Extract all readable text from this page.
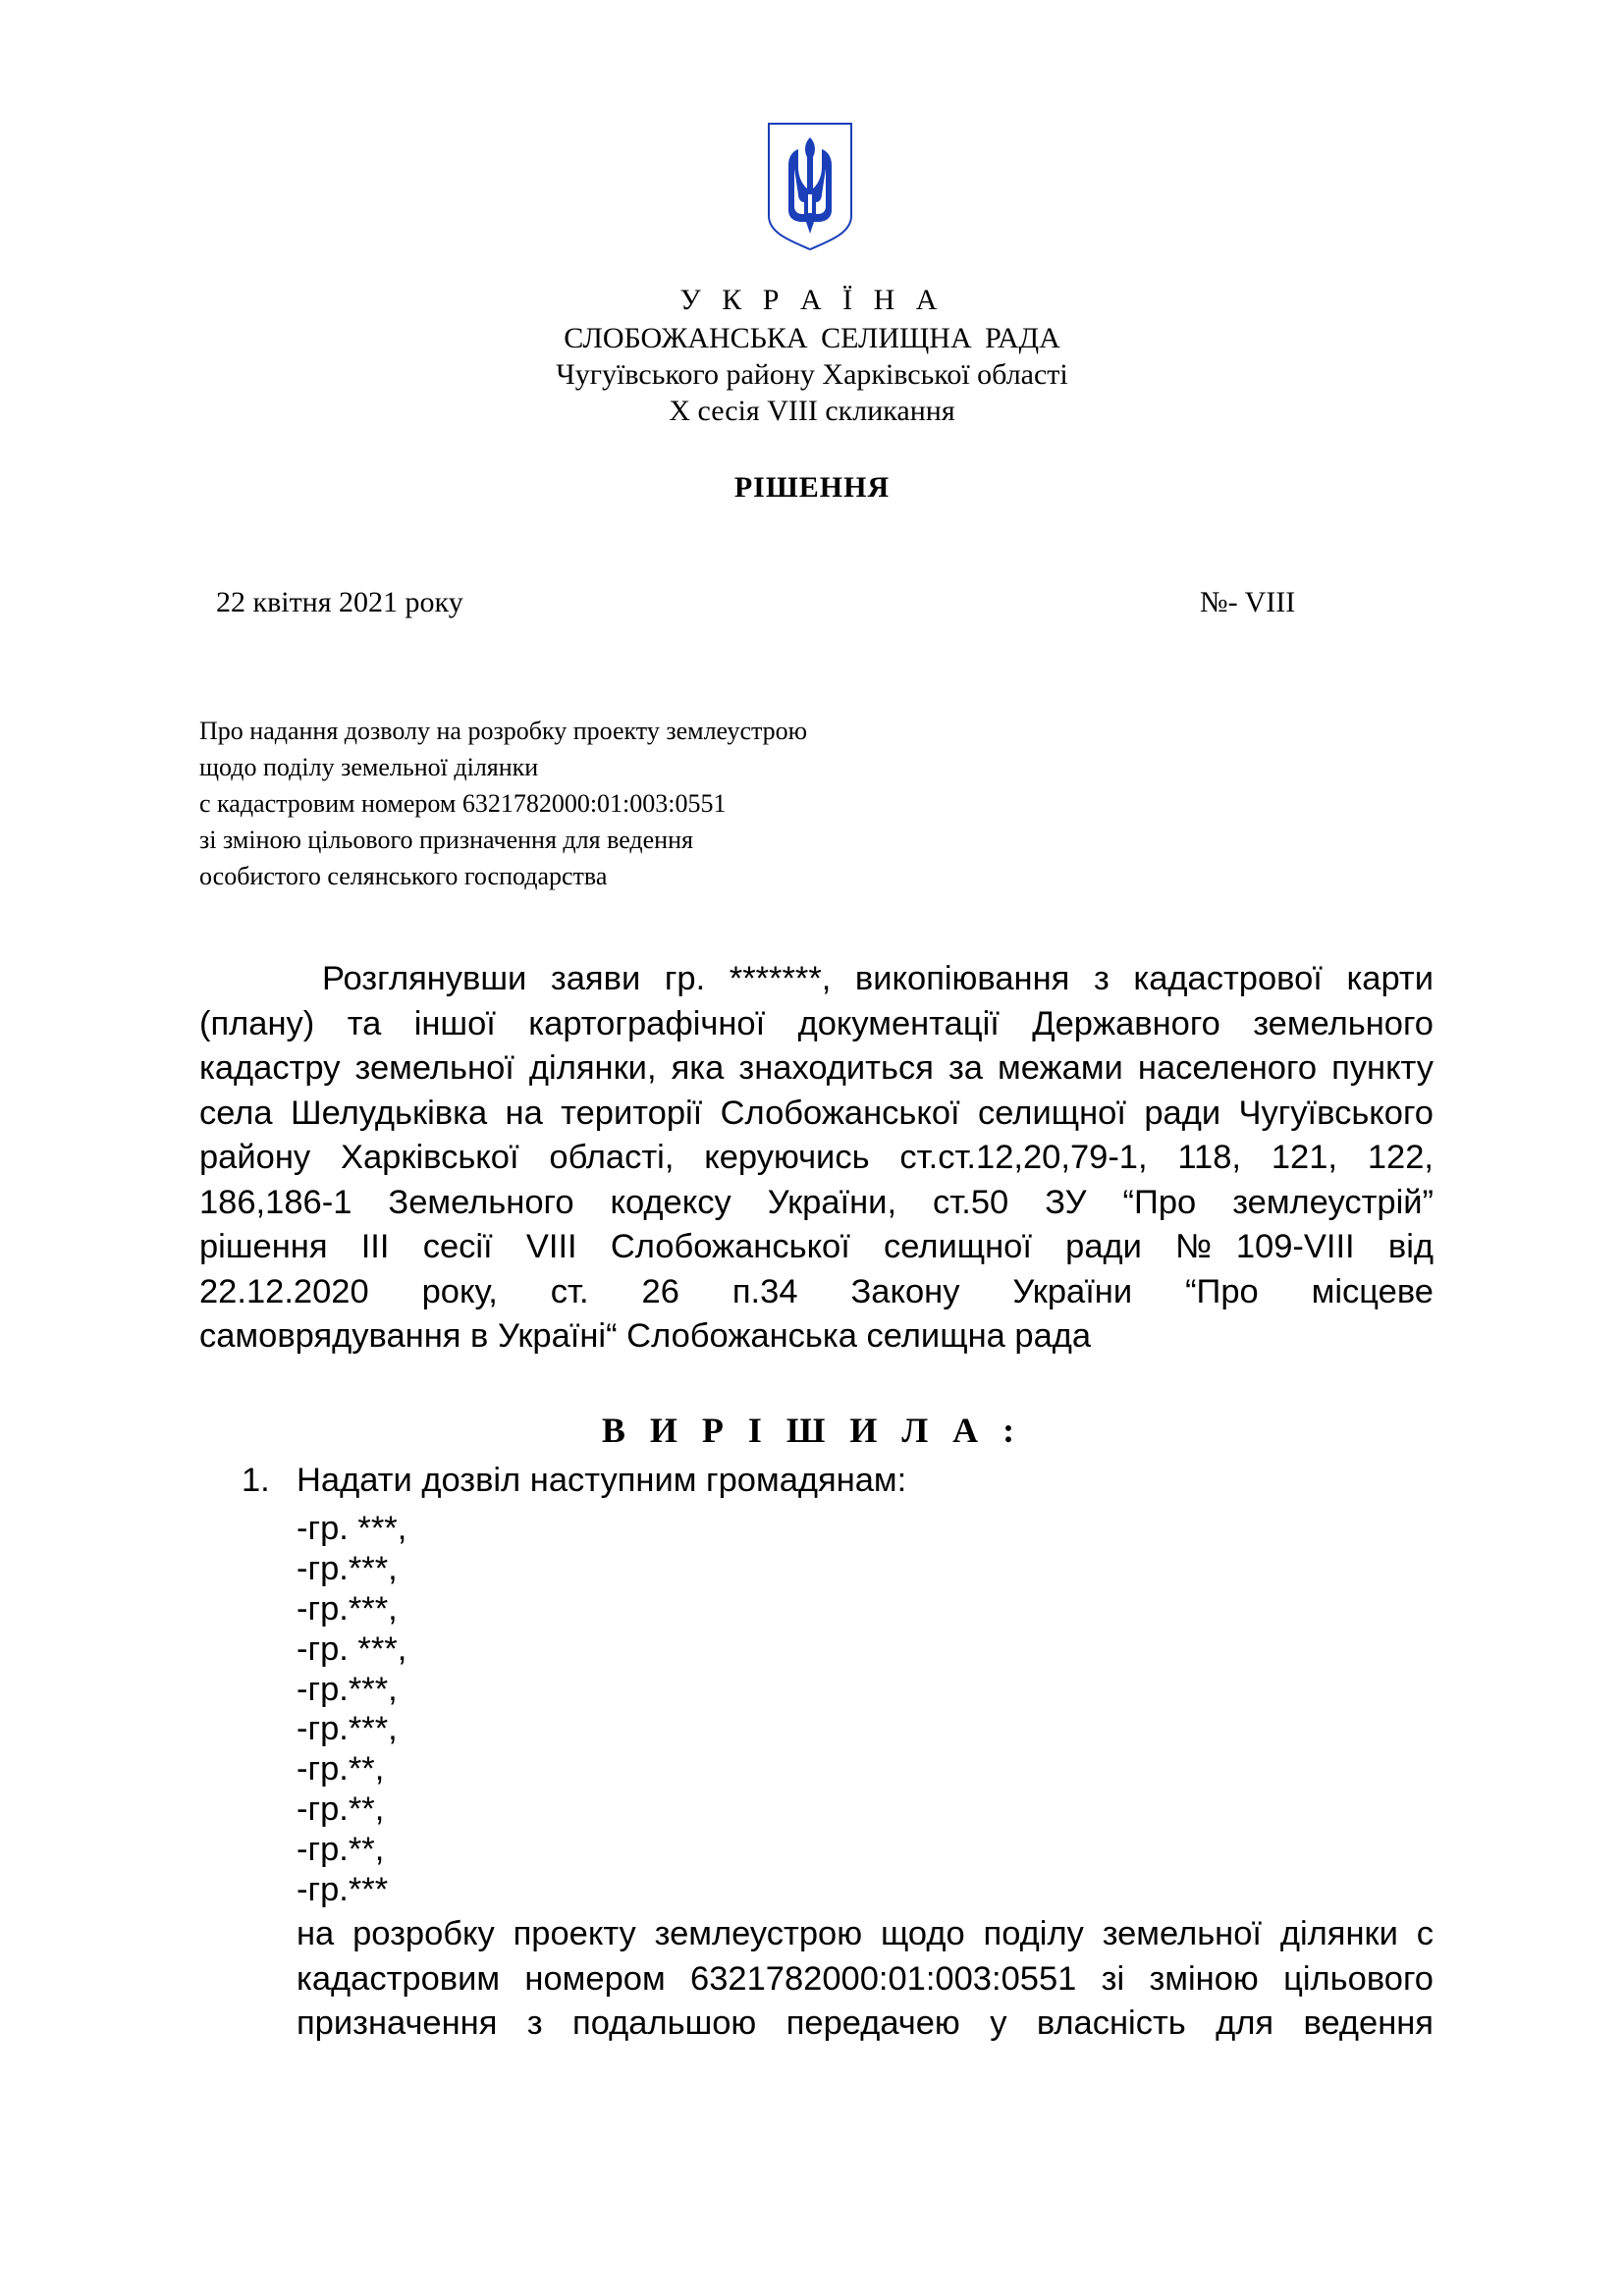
У К Р А Ї Н А
СЛОБОЖАНСЬКА СЕЛИЩНА РАДА
Чугуївського району Харківської області
X сесія VIII скликання
РІШЕННЯ
22 квітня 2021 року	№- VIII
Про надання дозволу на розробку проекту землеустрою
щодо поділу земельної ділянки
с кадастровим номером 6321782000:01:003:0551
зі зміною цільового призначення для ведення
особистого селянського господарства
Розглянувши заяви гр. *******, викопіювання з кадастрової карти
(плану) та іншої картографічної документації Державного земельного
кадастру земельної ділянки, яка знаходиться за межами населеного пункту
села Шелудьківка на території Слобожанської селищної ради Чугуївського
району Харківської області, керуючись ст.ст.12,20,79-1, 118, 121, 122,
186,186-1 Земельного кодексу України, ст.50 ЗУ “Про землеустрій”
рішення ІІІ сесії VIII Слобожанської селищної ради №109-VIII від
22.12.2020 року, ст. 26 п.34 Закону України “Про місцеве
самоврядування в Україні“ Слобожанська селищна рада
В И Р І Ш И Л А :
1. Надати дозвіл наступним громадянам:
-гр. ***,
-гр.***,
-гр.***,
-гр. ***,
-гр.***,
-гр.***,
-гр.**,
-гр.**,
-гр.**,
-гр.***
на розробку проекту землеустрою щодо поділу земельної ділянки с
кадастровим номером 6321782000:01:003:0551 зі зміною цільового
призначення з подальшою передачею у власність для ведення
